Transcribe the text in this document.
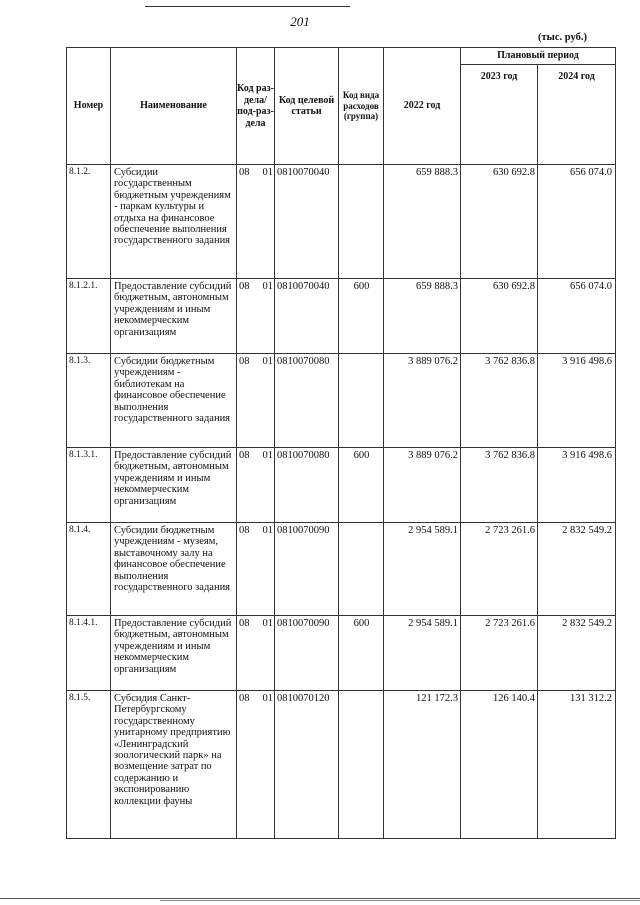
201
(тыс. руб.)
Номер	Наименование	Код раз-дела/ под-раз-дела	Код целевой статьи	Код вида расходов (группа)	2022 год	Плановый период	
						2023 год	2024 год
8.1.2.	Субсидии государственным бюджетным учреждениям - паркам культуры и отдыха на финансовое обеспечение выполнения государственного задания	08 01	0810070040		659 888.3	630 692.8	656 074.0
8.1.2.1.	Предоставление субсидий бюджетным, автономным учреждениям и иным некоммерческим организациям	08 01	0810070040	600	659 888.3	630 692.8	656 074.0
8.1.3.	Субсидии бюджетным учреждениям - библиотекам на финансовое обеспечение выполнения государственного задания	08 01	0810070080		3 889 076.2	3 762 836.8	3 916 498.6
8.1.3.1.	Предоставление субсидий бюджетным, автономным учреждениям и иным некоммерческим организациям	08 01	0810070080	600	3 889 076.2	3 762 836.8	3 916 498.6
8.1.4.	Субсидии бюджетным учреждениям - музеям, выставочному залу на финансовое обеспечение выполнения государственного задания	08 01	0810070090		2 954 589.1	2 723 261.6	2 832 549.2
8.1.4.1.	Предоставление субсидий бюджетным, автономным учреждениям и иным некоммерческим организациям	08 01	0810070090	600	2 954 589.1	2 723 261.6	2 832 549.2
8.1.5.	Субсидия Санкт-Петербургскому государственному унитарному предприятию «Ленинградский зоологический парк» на возмещение затрат по содержанию и экспонированию коллекции фауны	08 01	0810070120		121 172.3	126 140.4	131 312.2
